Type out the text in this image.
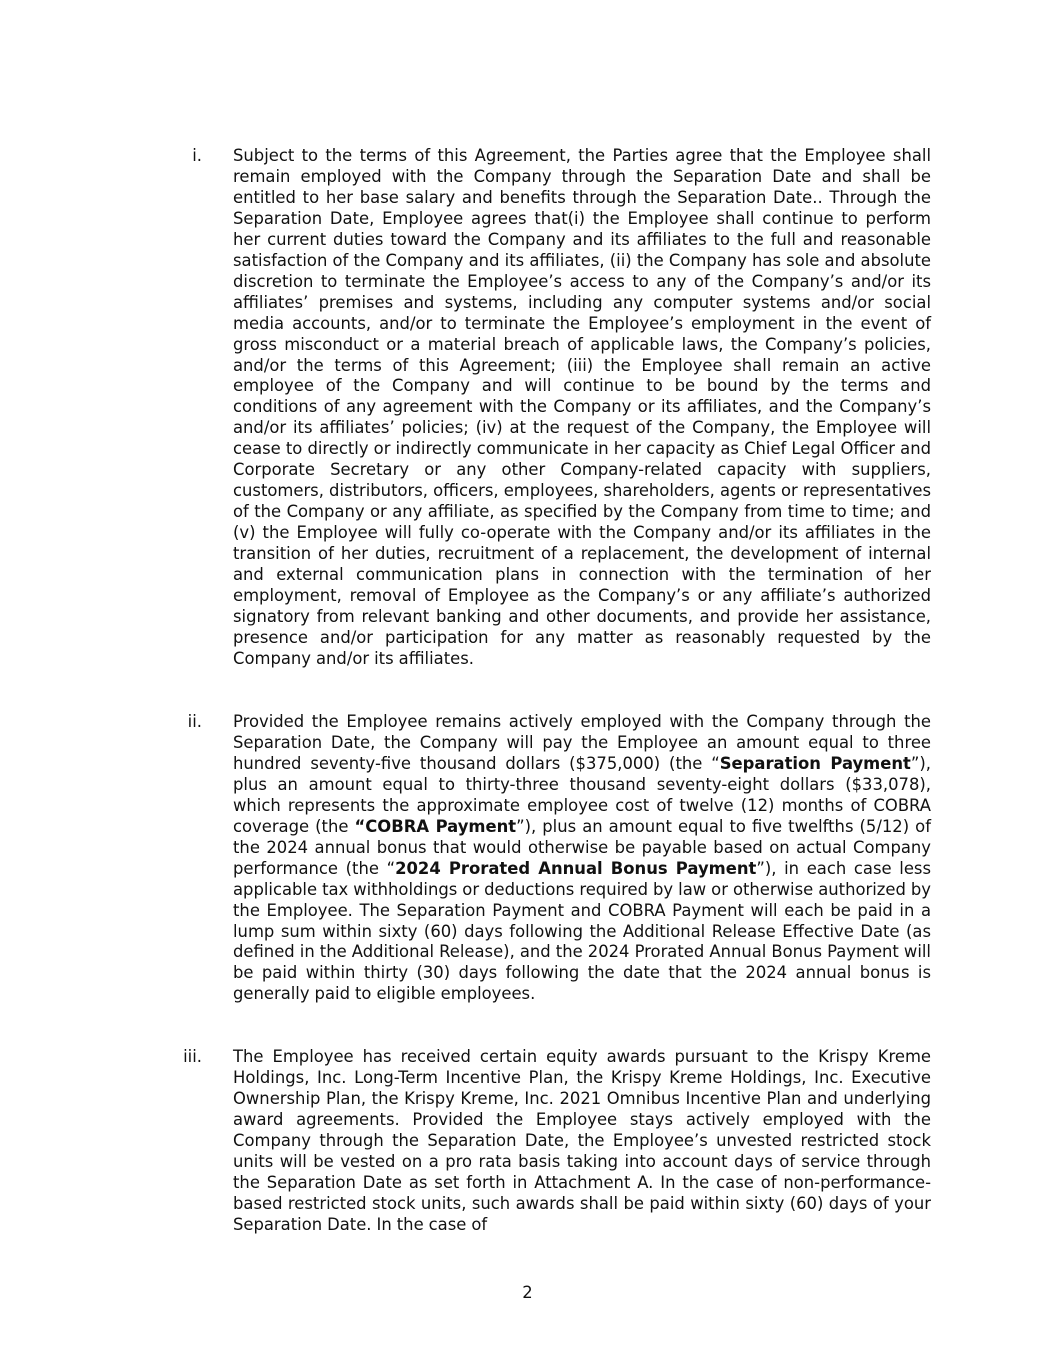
i. Subject to the terms of this Agreement, the Parties agree that the Employee shall remain employed with the Company through the Separation Date and shall be entitled to her base salary and benefits through the Separation Date.. Through the Separation Date, Employee agrees that(i) the Employee shall continue to perform her current duties toward the Company and its affiliates to the full and reasonable satisfaction of the Company and its affiliates, (ii) the Company has sole and absolute discretion to terminate the Employee’s access to any of the Company’s and/or its affiliates’ premises and systems, including any computer systems and/or social media accounts, and/or to terminate the Employee’s employment in the event of gross misconduct or a material breach of applicable laws, the Company’s policies, and/or the terms of this Agreement; (iii) the Employee shall remain an active employee of the Company and will continue to be bound by the terms and conditions of any agreement with the Company or its affiliates, and the Company’s and/or its affiliates’ policies; (iv) at the request of the Company, the Employee will cease to directly or indirectly communicate in her capacity as Chief Legal Officer and Corporate Secretary or any other Company-related capacity with suppliers, customers, distributors, officers, employees, shareholders, agents or representatives of the Company or any affiliate, as specified by the Company from time to time; and (v) the Employee will fully co-operate with the Company and/or its affiliates in the transition of her duties, recruitment of a replacement, the development of internal and external communication plans in connection with the termination of her employment, removal of Employee as the Company’s or any affiliate’s authorized signatory from relevant banking and other documents, and provide her assistance, presence and/or participation for any matter as reasonably requested by the Company and/or its affiliates.
ii. Provided the Employee remains actively employed with the Company through the Separation Date, the Company will pay the Employee an amount equal to three hundred seventy-five thousand dollars ($375,000) (the “Separation Payment”), plus an amount equal to thirty-three thousand seventy-eight dollars ($33,078), which represents the approximate employee cost of twelve (12) months of COBRA coverage (the “COBRA Payment”), plus an amount equal to five twelfths (5/12) of the 2024 annual bonus that would otherwise be payable based on actual Company performance (the “2024 Prorated Annual Bonus Payment”), in each case less applicable tax withholdings or deductions required by law or otherwise authorized by the Employee. The Separation Payment and COBRA Payment will each be paid in a lump sum within sixty (60) days following the Additional Release Effective Date (as defined in the Additional Release), and the 2024 Prorated Annual Bonus Payment will be paid within thirty (30) days following the date that the 2024 annual bonus is generally paid to eligible employees.
iii. The Employee has received certain equity awards pursuant to the Krispy Kreme Holdings, Inc. Long-Term Incentive Plan, the Krispy Kreme Holdings, Inc. Executive Ownership Plan, the Krispy Kreme, Inc. 2021 Omnibus Incentive Plan and underlying award agreements. Provided the Employee stays actively employed with the Company through the Separation Date, the Employee’s unvested restricted stock units will be vested on a pro rata basis taking into account days of service through the Separation Date as set forth in Attachment A. In the case of non-performance-based restricted stock units, such awards shall be paid within sixty (60) days of your Separation Date. In the case of
2
